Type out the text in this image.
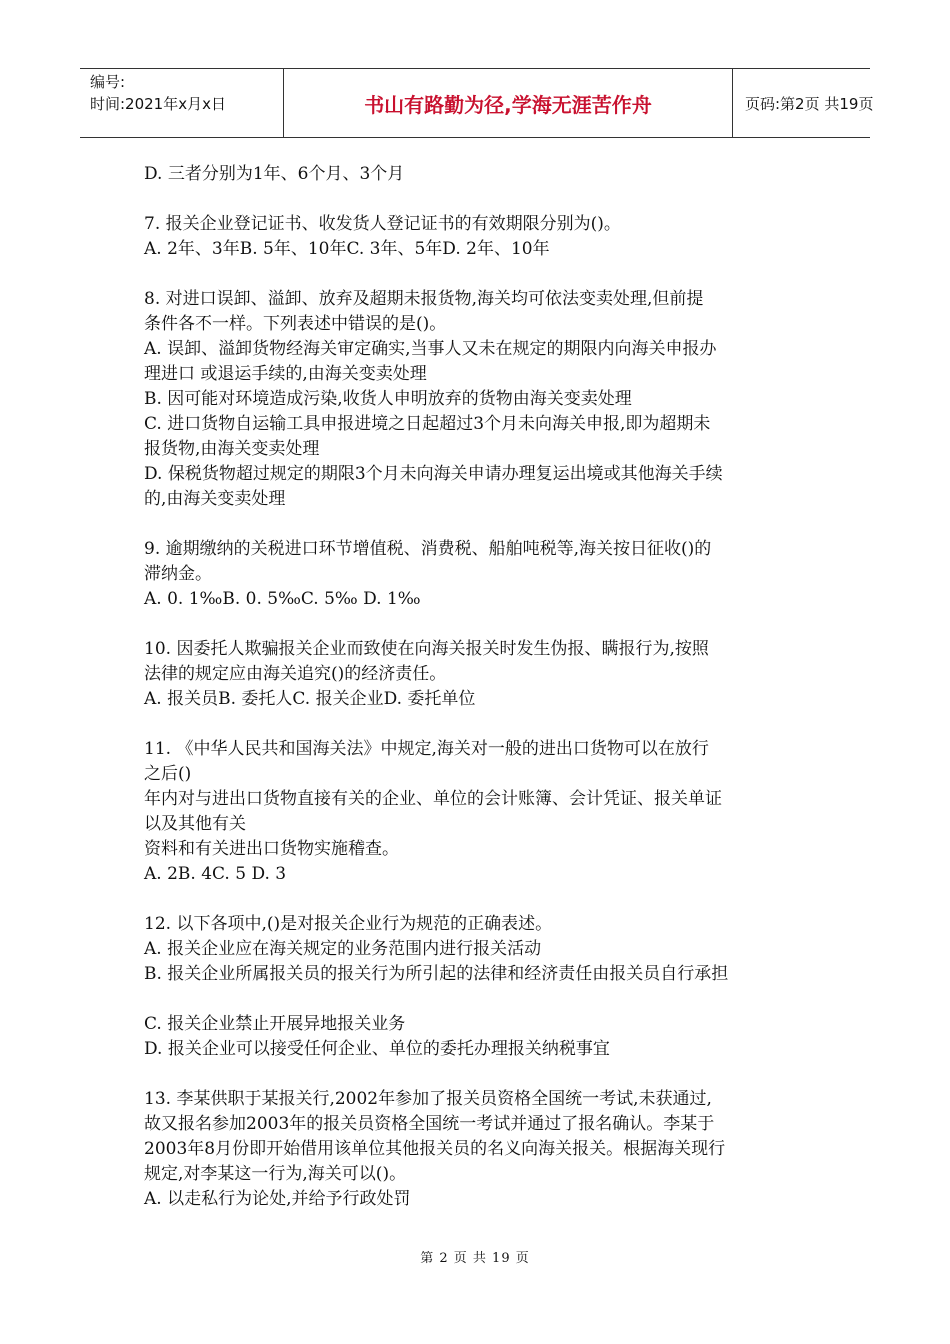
编号:
时间:2021年x月x日	书山有路勤为径,学海无涯苦作舟	页码:第2页 共19页

D. 三者分别为1年、6个月、3个月

7. 报关企业登记证书、收发货人登记证书的有效期限分别为()。

A. 2年、3年B. 5年、10年C. 3年、5年D. 2年、10年

8. 对进口误卸、溢卸、放弃及超期未报货物,海关均可依法变卖处理,但前提

条件各不一样。下列表述中错误的是()。

A. 误卸、溢卸货物经海关审定确实,当事人又未在规定的期限内向海关申报办

理进口 或退运手续的,由海关变卖处理

B. 因可能对环境造成污染,收货人申明放弃的货物由海关变卖处理

C. 进口货物自运输工具申报进境之日起超过3个月未向海关申报,即为超期未

报货物,由海关变卖处理

D. 保税货物超过规定的期限3个月未向海关申请办理复运出境或其他海关手续

的,由海关变卖处理

9. 逾期缴纳的关税进口环节增值税、消费税、船舶吨税等,海关按日征收()的

滞纳金。

A. 0. 1‰B. 0. 5‰C. 5‰ D. 1‰

10. 因委托人欺骗报关企业而致使在向海关报关时发生伪报、瞒报行为,按照

法律的规定应由海关追究()的经济责任。

A. 报关员B. 委托人C. 报关企业D. 委托单位

11. 《中华人民共和国海关法》中规定,海关对一般的进出口货物可以在放行

之后()

年内对与进出口货物直接有关的企业、单位的会计账簿、会计凭证、报关单证

以及其他有关

资料和有关进出口货物实施稽查。

A. 2B. 4C. 5 D. 3

12. 以下各项中,()是对报关企业行为规范的正确表述。

A. 报关企业应在海关规定的业务范围内进行报关活动

B. 报关企业所属报关员的报关行为所引起的法律和经济责任由报关员自行承担

C. 报关企业禁止开展异地报关业务

D. 报关企业可以接受任何企业、单位的委托办理报关纳税事宜

13. 李某供职于某报关行,2002年参加了报关员资格全国统一考试,未获通过,

故又报名参加2003年的报关员资格全国统一考试并通过了报名确认。李某于

2003年8月份即开始借用该单位其他报关员的名义向海关报关。根据海关现行

规定,对李某这一行为,海关可以()。

A. 以走私行为论处,并给予行政处罚

第 2 页 共 19 页
